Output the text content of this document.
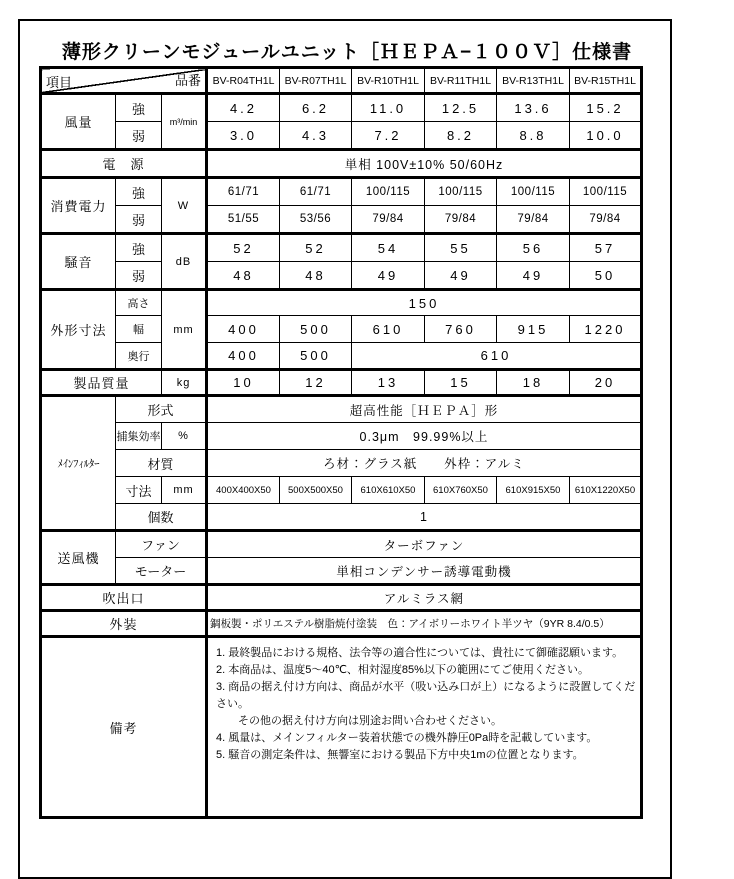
薄形クリーンモジュールユニット［ＨＥＰＡ−１００Ｖ］仕様書
項目 品番			BV-R04TH1L	BV-R07TH1L	BV-R10TH1L	BV-R11TH1L	BV-R13TH1L	BV-R15TH1L
風量	強	m³/min	4.2	6.2	11.0	12.5	13.6	15.2
	弱		3.0	4.3	7.2	8.2	8.8	10.0
電　源			単相 100V±10% 50/60Hz					
消費電力	強	W	61/71	61/71	100/115	100/115	100/115	100/115
	弱		51/55	53/56	79/84	79/84	79/84	79/84
騒音	強	dB	52	52	54	55	56	57
	弱		48	48	49	49	49	50
外形寸法	高さ	mm	150					
	幅		400	500	610	760	915	1220
	奥行		400	500	610			
製品質量		kg	10	12	13	15	18	20
ﾒｲﾝﾌｨﾙﾀｰ	形式		超高性能［ＨＥＰＡ］形					
	捕集効率	%	0.3μm　99.99%以上					
	材質		ろ材：グラス紙　　外枠：アルミ					
	寸法	mm	400X400X50	500X500X50	610X610X50	610X760X50	610X915X50	610X1220X50
	個数		1					
送風機	ファン		ターボファン					
	モーター		単相コンデンサー誘導電動機					
吹出口			アルミラス網					
外装			鋼板製・ポリエステル樹脂焼付塗装　色：アイボリーホワイト半ツヤ（9YR 8.4/0.5）					
備考	
1. 最終製品における規格、法令等の適合性については、貴社にて御確認願います。
2. 本商品は、温度5～40℃、相対湿度85%以下の範囲にてご使用ください。
3. 商品の据え付け方向は、商品が水平（吸い込み口が上）になるように設置してください。
　　その他の据え付け方向は別途お問い合わせください。
4. 風量は、メインフィルター装着状態での機外静圧0Pa時を記載しています。
5. 騒音の測定条件は、無響室における製品下方中央1mの位置となります。
